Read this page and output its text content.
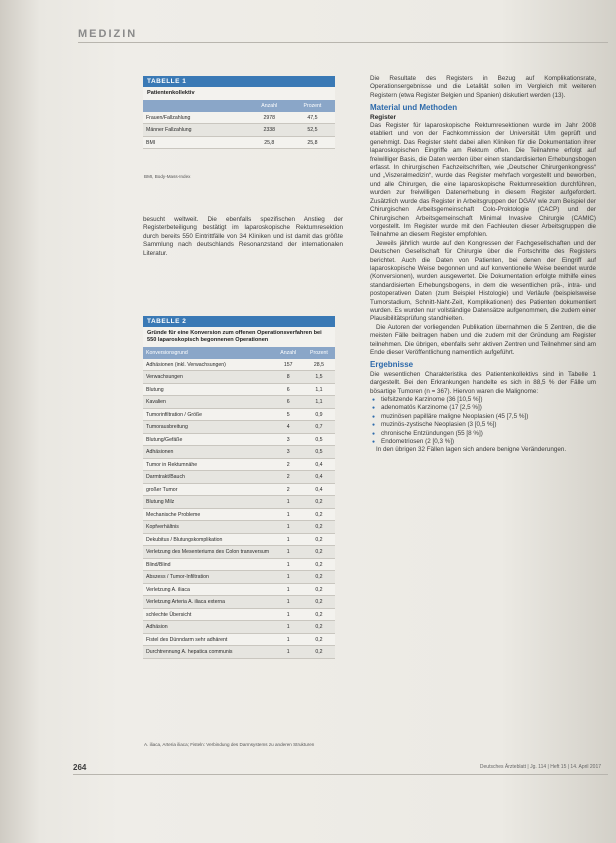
MEDIZIN
TABELLE 1
Patientenkollektiv
	Anzahl	Prozent
Frauen/Fallzahlung	2978	47,5
Männer Fallzahlung	2338	52,5
BMI	25,8	25,8
BMI, Body-Mass-Index
besucht weltweit. Die ebenfalls spezifischen Anstieg der Registerbeteiligung bestätigt im laparoskopische Rektumresektion durch bereits 550 Eintrittfälle von 34 Kliniken und ist damit das größte Sammlung nach deutschlands Resonanzstand der internationalen Literatur.
TABELLE 2
Gründe für eine Konversion zum offenen Operationsverfahren bei 550 laparoskopisch begonnenen Operationen
Konversionsgrund	Anzahl	Prozent
Adhäsionen (inkl. Verwachsungen)	157	28,5
Verwachsungen	8	1,5
Blutung	6	1,1
Kavalien	6	1,1
Tumorinfiltration / Größe	5	0,9
Tumorausbreitung	4	0,7
Blutung/Gefäße	3	0,5
Adhäsionen	3	0,5
Tumor in Rektumnähe	2	0,4
Darmtrakt/Bauch	2	0,4
großer Tumor	2	0,4
Blutung Milz	1	0,2
Mechanische Probleme	1	0,2
Kopfverhältnis	1	0,2
Dekubitus / Blutungskomplikation	1	0,2
Verletzung des Mesenteriums des Colon transversum	1	0,2
Blind/Blind	1	0,2
Abszess / Tumor-Infiltration	1	0,2
Verletzung A. iliaca	1	0,2
Verletzung Arteria A. iliaca externa	1	0,2
schlechte Übersicht	1	0,2
Adhäsion	1	0,2
Fistel des Dünndarm sehr adhärent	1	0,2
Durchtrennung A. hepatica communis	1	0,2
A. iliaca, Arteria iliaca; Fisteln: Verbindung des Darmsystems zu anderen Strukturen
Die Resultate des Registers in Bezug auf Komplikationsrate, Operationsergebnisse und die Letalität sollen im Vergleich mit weiteren Registern (etwa Register Belgien und Spanien) diskutiert werden (13).
Material und Methoden
Register
Das Register für laparoskopische Rektumresektionen wurde im Jahr 2008 etabliert und von der Fachkommission der Universität Ulm geprüft und genehmigt. Das Register steht dabei allen Kliniken für die Dokumentation ihrer laparoskopischen Eingriffe am Rektum offen. Die Teilnahme erfolgt auf freiwilliger Basis, die Daten werden über einen standardisierten Erhebungsbogen erfasst. In chirurgischen Fachzeitschriften, wie „Deutscher Chirurgenkongress“ und „Viszeralmedizin“, wurde das Register mehrfach vorgestellt und beworben, und alle Chirurgen, die eine laparoskopische Rektumresektion durchführen, wurden zur freiwilligen Datenerhebung in diesem Register aufgefordert. Zusätzlich wurde das Register in Arbeitsgruppen der DGAV wie zum Beispiel der Chirurgischen Arbeitsgemeinschaft Colo-Proktologie (CACP) und der Chirurgischen Arbeitsgemeinschaft Minimal Invasive Chirurgie (CAMIC) vorgestellt. Im Register wurde mit den Fachleuten dieser Arbeitsgruppen die Teilnahme an diesem Register empfohlen.
Jeweils jährlich wurde auf den Kongressen der Fachgesellschaften und der Deutschen Gesellschaft für Chirurgie über die Fortschritte des Registers berichtet. Auch die Daten von Patienten, bei denen der Eingriff auf laparoskopische Weise begonnen und auf konventionelle Weise beendet wurde (Konversionen), wurden ausgewertet. Die Dokumentation erfolgte mithilfe eines standardisierten Erhebungsbogens, in dem die wesentlichen prä-, intra- und postoperativen Daten (zum Beispiel Histologie) und Verläufe (beispielsweise Tumorstadium, Schnitt-Naht-Zeit, Komplikationen) des Patienten dokumentiert wurden. Es wurden nur vollständige Datensätze aufgenommen, die zudem einer Plausibilitätsprüfung standhielten.
Die Autoren der vorliegenden Publikation übernahmen die 5 Zentren, die die meisten Fälle beitragen haben und die zudem mit der Gründung am Register teilnehmen. Die übrigen, ebenfalls sehr aktiven Zentren und Teilnehmer sind am Ende dieser Veröffentlichung namentlich aufgeführt.
Ergebnisse
Die wesentlichen Charakteristika des Patientenkollektivs sind in Tabelle 1 dargestellt. Bei den Erkrankungen handelte es sich in 88,5 % der Fälle um bösartige Tumoren (n = 367). Hiervon waren die Malignome:
● tiefsitzende Karzinome (36 [10,5 %])
● adenomatös Karzinome (17 [2,5 %])
● muzinösen papilläre maligne Neoplasien (45 [7,5 %])
● muzinös-zystische Neoplasien (3 [0,5 %])
● chronische Entzündungen (55 [8 %])
● Endometriosen (2 [0,3 %])
In den übrigen 32 Fällen lagen sich andere benigne Veränderungen.
264	Deutsches Ärzteblatt | Jg. 114 | Heft 15 | 14. April 2017
